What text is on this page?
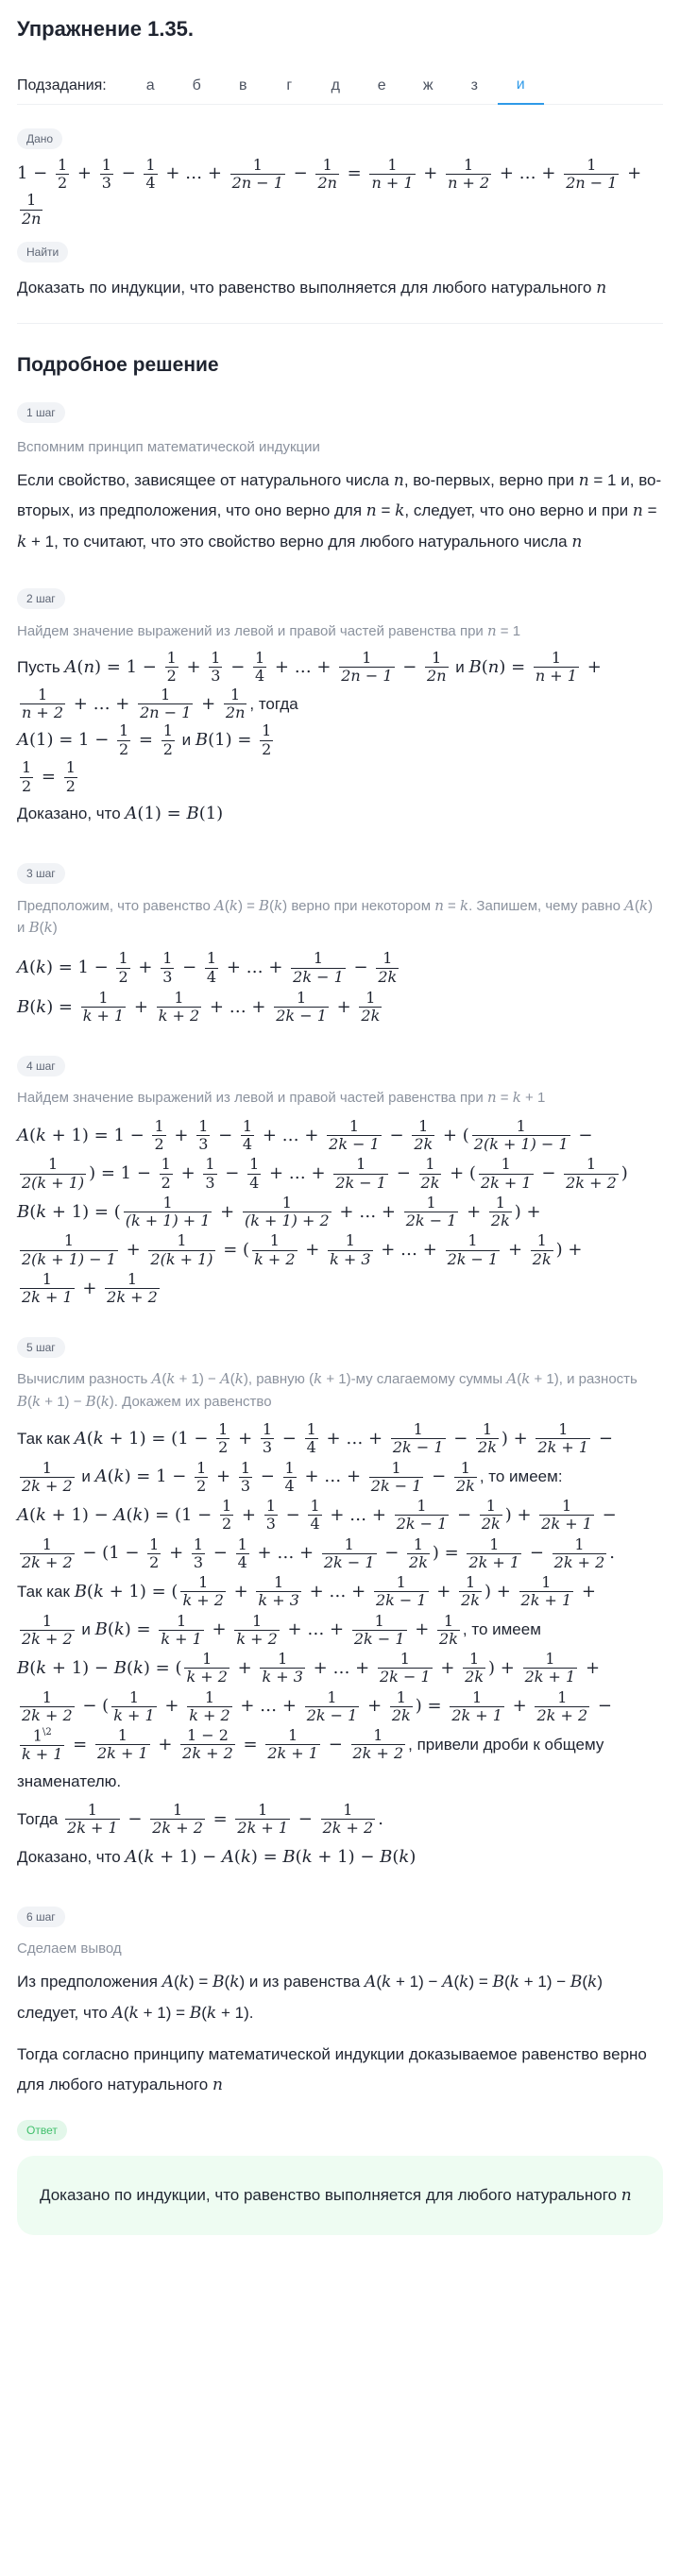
Упражнение 1.35.
Подзадания:	а	б	в	г	д	е	ж	з	и
Дано
$1 - \frac{1}{2} + \frac{1}{3} - \frac{1}{4}$ + … + $\frac{1}{2n - 1} - \frac{1}{2n} = \frac{1}{n + 1} + \frac{1}{n + 2}$ + … + $\frac{1}{2n - 1}$ +

$\frac{1}{2n}$
Найти

Доказать по индукции, что равенство выполняется для любого натурального n

Подробное решение
1 шаг

Вспомним принцип математической индукции

Если свойство, зависящее от натурального числа n, во-первых, верно при n = 1 и, во-вторых, из предположения, что оно верно для n = k, следует, что оно верно и при n = k + 1, то считают, что это свойство верно для любого натурального числа n

2 шаг

Найдем значение выражений из левой и правой частей равенства при n = 1

Пусть $A(n) = 1 - \frac{1}{2} + \frac{1}{3} - \frac{1}{4}$ + … + $\frac{1}{2n - 1} - \frac{1}{2n}$ и $B(n) = \frac{1}{n + 1}$ +

$\frac{1}{n + 2}$ + … + $\frac{1}{2n - 1} + \frac{1}{2n}$ , тогда
$A(1) = 1 - \frac{1}{2} = \frac{1}{2}$ и $B(1) = \frac{1}{2}$

$\frac{1}{2} = \frac{1}{2}$

Доказано, что A(1) = B(1)
3 шаг

Предположим, что равенство A(k) = B(k) верно при некотором n = k. Запишем, чему равно A(k) и B(k)

$A(k) = 1 - \frac{1}{2} + \frac{1}{3} - \frac{1}{4}$ + … + $\frac{1}{2k - 1} - \frac{1}{2k}$

$B(k) = \frac{1}{k + 1} + \frac{1}{k + 2}$ + … + $\frac{1}{2k - 1} + \frac{1}{2k}$
4 шаг

Найдем значение выражений из левой и правой частей равенства при n = k + 1

$A(k + 1) = 1 - \frac{1}{2} + \frac{1}{3} - \frac{1}{4}$ + … + $\frac{1}{2k - 1} - \frac{1}{2k}$ + ( $\frac{1}{2(k + 1) - 1}$ −

$\frac{1}{2(k + 1)}$ ) = $1 - \frac{1}{2} + \frac{1}{3} - \frac{1}{4}$ + … + $\frac{1}{2k - 1} - \frac{1}{2k}$ + ( $\frac{1}{2k + 1} - \frac{1}{2k + 2}$ )
B(k + 1) = ( $\frac{1}{(k + 1) + 1} + \frac{1}{(k + 1) + 2}$ + … + $\frac{1}{2k - 1} + \frac{1}{2k}$ ) +

$\frac{1}{2(k + 1) - 1} + \frac{1}{2(k + 1)}$ = ( $\frac{1}{k + 2} + \frac{1}{k + 3}$ + … + $\frac{1}{2k - 1} + \frac{1}{2k}$ ) +

$\frac{1}{2k + 1} + \frac{1}{2k + 2}$
5 шаг

Вычислим разность A(k + 1) − A(k), равную (k + 1)-му слагаемому суммы A(k + 1), и разность B(k + 1) − B(k). Докажем их равенство

Так как $A(k + 1) = (1 - \frac{1}{2} + \frac{1}{3} - \frac{1}{4}$ + … + $\frac{1}{2k - 1} - \frac{1}{2k}$ ) + $\frac{1}{2k + 1}$ −

$\frac{1}{2k + 2}$ и $A(k) = 1 - \frac{1}{2} + \frac{1}{3} - \frac{1}{4}$ + … + $\frac{1}{2k - 1} - \frac{1}{2k}$ , то имеем:
$A(k + 1) - A(k) = (1 - \frac{1}{2} + \frac{1}{3} - \frac{1}{4}$ + … + $\frac{1}{2k - 1} - \frac{1}{2k}$ ) + $\frac{1}{2k + 1}$ −

$\frac{1}{2k + 2} - (1 - \frac{1}{2} + \frac{1}{3} - \frac{1}{4}$ + … + $\frac{1}{2k - 1} - \frac{1}{2k}$ ) = $\frac{1}{2k + 1} - \frac{1}{2k + 2}$ .
Так как B(k + 1) = ( $\frac{1}{k + 2} + \frac{1}{k + 3}$ + … + $\frac{1}{2k - 1} + \frac{1}{2k}$ ) + $\frac{1}{2k + 1}$ +

$\frac{1}{2k + 2}$ и $B(k) = \frac{1}{k + 1} + \frac{1}{k + 2}$ + … + $\frac{1}{2k - 1} + \frac{1}{2k}$ , то имеем
B(k + 1) − B(k) = ( $\frac{1}{k + 2} + \frac{1}{k + 3}$ + … + $\frac{1}{2k - 1} + \frac{1}{2k}$ ) + $\frac{1}{2k + 1}$ +

$\frac{1}{2k + 2}$ − ( $\frac{1}{k + 1} + \frac{1}{k + 2}$ + … + $\frac{1}{2k - 1} + \frac{1}{2k}$ ) = $\frac{1}{2k + 1} + \frac{1}{2k + 2}$ −

$\frac{1^{\backslash 2}}{k + 1} = \frac{1}{2k + 1} + \frac{1 - 2}{2k + 2} = \frac{1}{2k + 1} - \frac{1}{2k + 2}$ , привели дроби к общему знаменателю.
Тогда $\frac{1}{2k + 1} - \frac{1}{2k + 2} = \frac{1}{2k + 1} - \frac{1}{2k + 2}$ .
Доказано, что A(k + 1) − A(k) = B(k + 1) − B(k)
6 шаг

Сделаем вывод

Из предположения A(k) = B(k) и из равенства A(k + 1) − A(k) = B(k + 1) − B(k) следует, что A(k + 1) = B(k + 1).

Тогда согласно принципу математической индукции доказываемое равенство верно для любого натурального n

Ответ
Доказано по индукции, что равенство выполняется для любого натурального n
